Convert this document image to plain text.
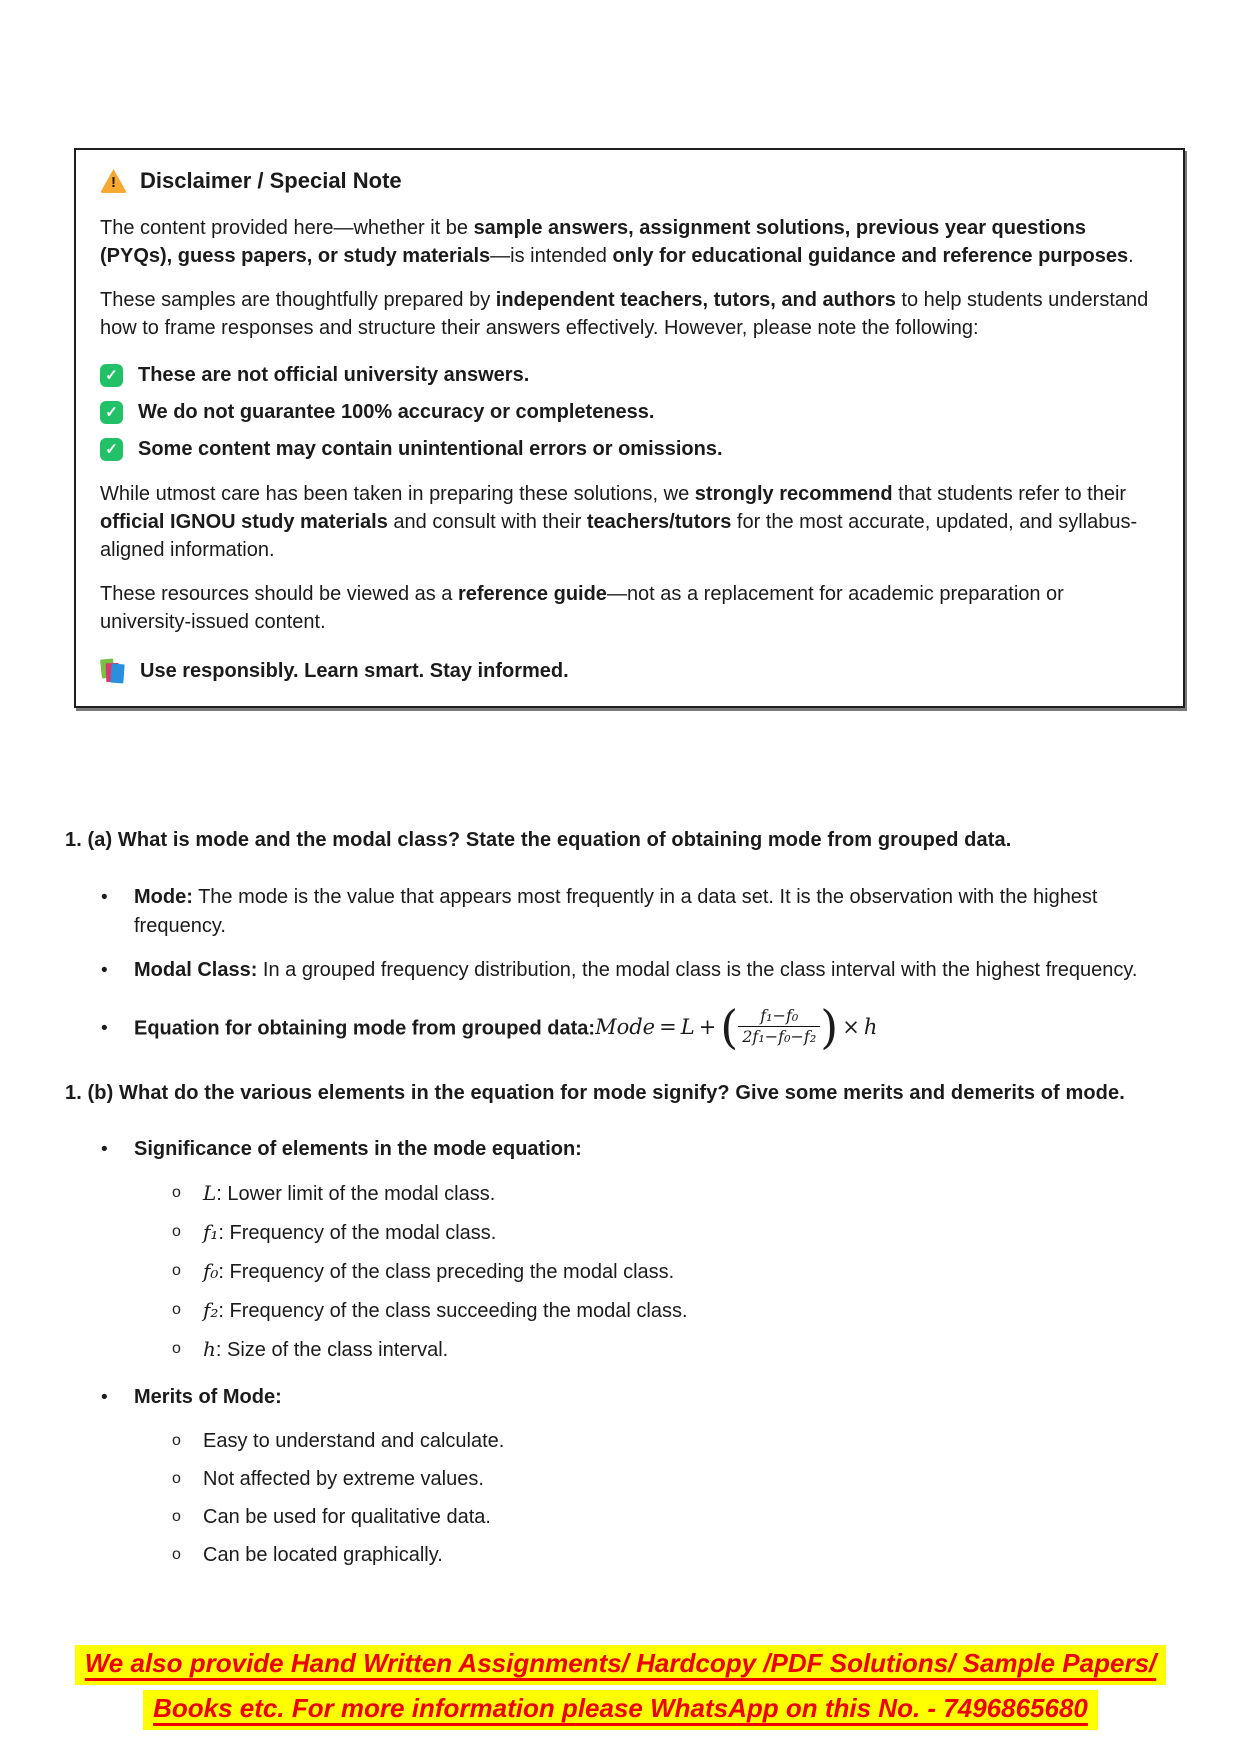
!
Disclaimer / Special Note

The content provided here—whether it be sample answers, assignment solutions, previous year questions (PYQs), guess papers, or study materials—is intended only for educational guidance and reference purposes.

These samples are thoughtfully prepared by independent teachers, tutors, and authors to help students understand how to frame responses and structure their answers effectively. However, please note the following:

✓ These are not official university answers.
✓ We do not guarantee 100% accuracy or completeness.
✓ Some content may contain unintentional errors or omissions.

While utmost care has been taken in preparing these solutions, we strongly recommend that students refer to their official IGNOU study materials and consult with their teachers/tutors for the most accurate, updated, and syllabus-aligned information.

These resources should be viewed as a reference guide—not as a replacement for academic preparation or university-issued content.

Use responsibly. Learn smart. Stay informed.
1. (a) What is mode and the modal class? State the equation of obtaining mode from grouped data.
•	Mode: The mode is the value that appears most frequently in a data set. It is the observation with the highest frequency.
•	Modal Class: In a grouped frequency distribution, the modal class is the class interval with the highest frequency.
•	Equation for obtaining mode from grouped data:Mode = L +( $\frac{\text{f₁−f₀}}{\text{2f₁−f₀−f₂}}$ ) × h
1. (b) What do the various elements in the equation for mode signify? Give some merits and demerits of mode.
•	Significance of elements in the mode equation:
o	L: Lower limit of the modal class.
o	f₁: Frequency of the modal class.
o	f₀: Frequency of the class preceding the modal class.
o	f₂: Frequency of the class succeeding the modal class.
o	h: Size of the class interval.
•	Merits of Mode:
o	Easy to understand and calculate.
o	Not affected by extreme values.
o	Can be used for qualitative data.
o	Can be located graphically.
We also provide Hand Written Assignments/ Hardcopy /PDF Solutions/ Sample Papers/
Books etc. For more information please WhatsApp on this No. - 7496865680
